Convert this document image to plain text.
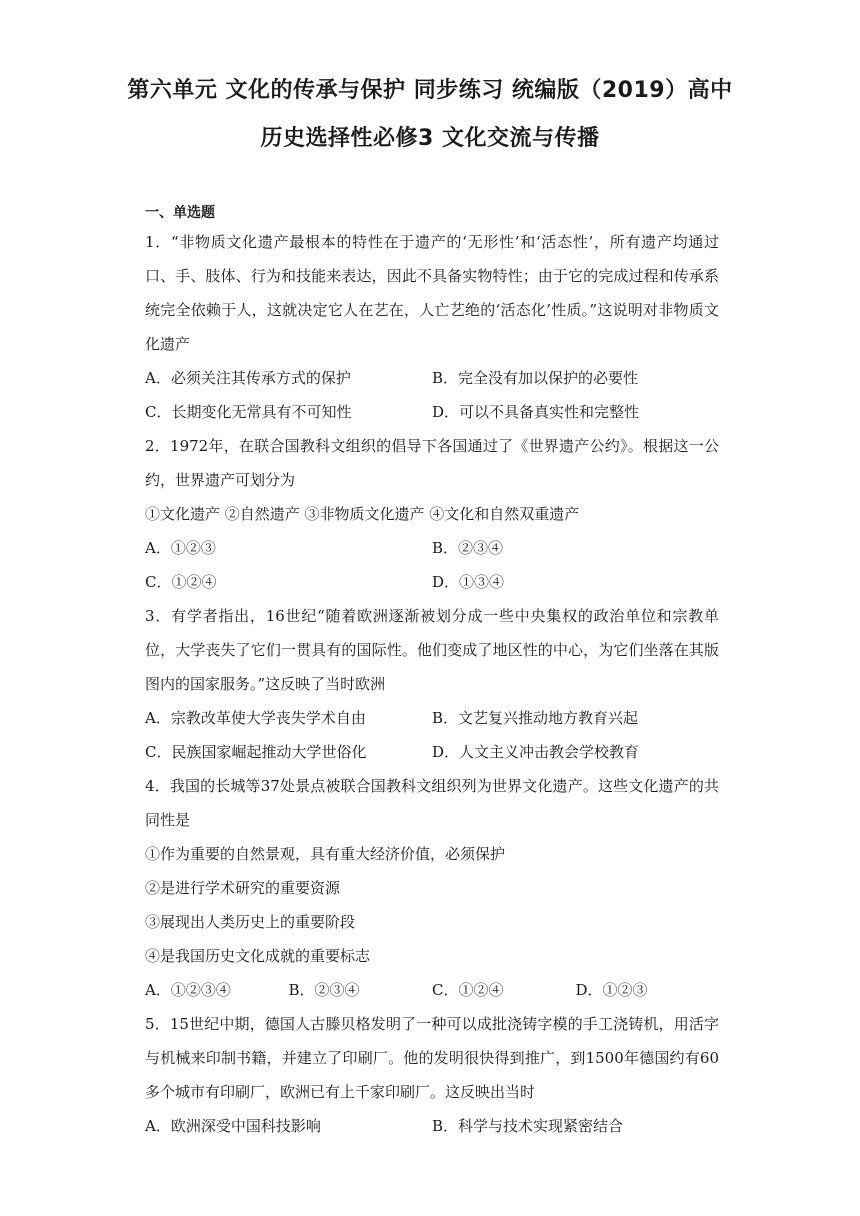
第六单元 文化的传承与保护 同步练习 统编版（2019）高中
历史选择性必修3 文化交流与传播
一、单选题

1．“非物质文化遗产最根本的特性在于遗产的‘无形性’和‘活态性’，所有遗产均通过口、手、肢体、行为和技能来表达，因此不具备实物特性；由于它的完成过程和传承系统完全依赖于人，这就决定它人在艺在，人亡艺绝的‘活态化’性质。”这说明对非物质文化遗产

A．必须关注其传承方式的保护	B．完全没有加以保护的必要性
C．长期变化无常具有不可知性	D．可以不具备真实性和完整性

2．1972年，在联合国教科文组织的倡导下各国通过了《世界遗产公约》。根据这一公约，世界遗产可划分为

①文化遗产 ②自然遗产 ③非物质文化遗产 ④文化和自然双重遗产

A．①②③	B．②③④
C．①②④	D．①③④

3．有学者指出，16世纪“随着欧洲逐渐被划分成一些中央集权的政治单位和宗教单位，大学丧失了它们一贯具有的国际性。他们变成了地区性的中心，为它们坐落在其版图内的国家服务。”这反映了当时欧洲

A．宗教改革使大学丧失学术自由	B．文艺复兴推动地方教育兴起
C．民族国家崛起推动大学世俗化	D．人文主义冲击教会学校教育

4．我国的长城等37处景点被联合国教科文组织列为世界文化遗产。这些文化遗产的共同性是

①作为重要的自然景观，具有重大经济价值，必须保护

②是进行学术研究的重要资源

③展现出人类历史上的重要阶段

④是我国历史文化成就的重要标志

A．①②③④	B．②③④	C．①②④	D．①②③

5．15世纪中期，德国人古滕贝格发明了一种可以成批浇铸字模的手工浇铸机，用活字与机械来印制书籍，并建立了印刷厂。他的发明很快得到推广，到1500年德国约有60多个城市有印刷厂，欧洲已有上千家印刷厂。这反映出当时

A．欧洲深受中国科技影响	B．科学与技术实现紧密结合
